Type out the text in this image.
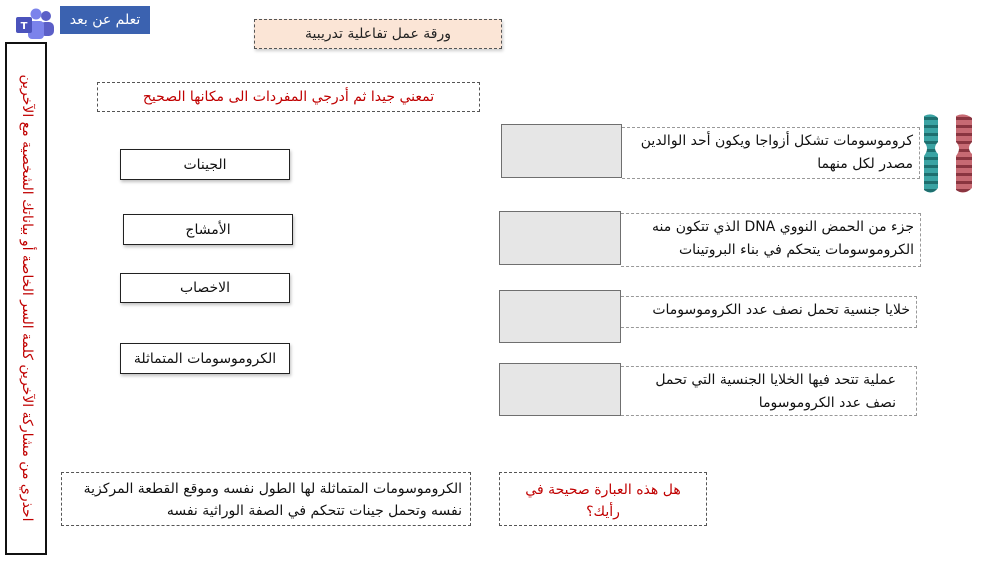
T	تعلم عن بعد
ورقة عمل تفاعلية تدريبية
تمعني جيدا ثم أدرجي المفردات الى مكانها الصحيح
احذري من مشاركة الآخرين كلمة السر الخاصة أو بياناتك الشخصية مع الآخرين	الجينات
الأمشاج
الاخصاب
الكروموسومات المتماثلة
كروموسومات تشكل أزواجا ويكون أحد الوالدين مصدر لكل منهما
جزء من الحمض النووي DNA الذي تتكون منه الكروموسومات يتحكم في بناء البروتينات
خلايا جنسية تحمل نصف عدد الكروموسومات
عملية تتحد فيها الخلايا الجنسية التي تحمل نصف عدد الكروموسوما
الكروموسومات المتماثلة لها الطول نفسه وموقع القطعة المركزية نفسه وتحمل جينات تتحكم في الصفة الوراثية نفسه
هل هذه العبارة صحيحة في رأيك؟
